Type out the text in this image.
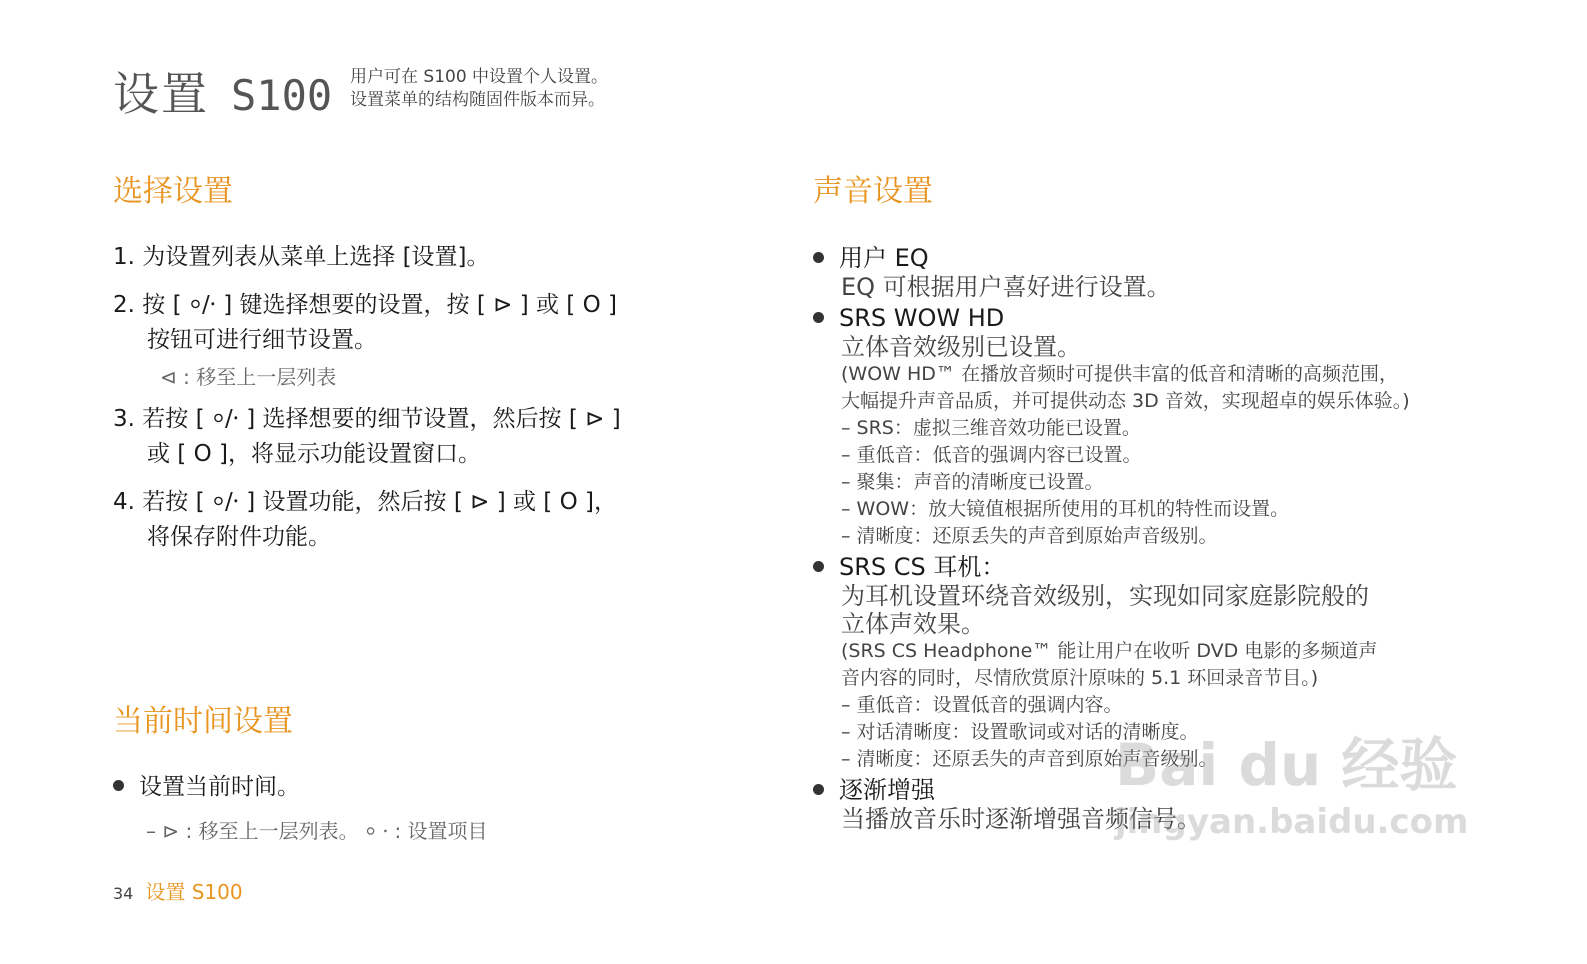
设置 S100 用户可在 S100 中设置个人设置。
设置菜单的结构随固件版本而异。
选择设置
1. 为设置列表从菜单上选择 [设置]。
2. 按 [ ⸰/⸱ ] 键选择想要的设置，按 [ ⊳ ] 或 [ O ]
按钮可进行细节设置。
⊲ : 移至上一层列表
3. 若按 [ ⸰/⸱ ] 选择想要的细节设置，然后按 [ ⊳ ]
或 [ O ]，将显示功能设置窗口。
4. 若按 [ ⸰/⸱ ] 设置功能，然后按 [ ⊳ ] 或 [ O ]，
将保存附件功能。
当前时间设置
设置当前时间。
– ⊳ : 移至上一层列表。 ⸰ ⸱ : 设置项目
声音设置
用户 EQ
EQ 可根据用户喜好进行设置。
SRS WOW HD
立体音效级别已设置。
(WOW HD™ 在播放音频时可提供丰富的低音和清晰的高频范围，
大幅提升声音品质，并可提供动态 3D 音效，实现超卓的娱乐体验。)
– SRS：虚拟三维音效功能已设置。
– 重低音：低音的强调内容已设置。
– 聚集：声音的清晰度已设置。
– WOW：放大镜值根据所使用的耳机的特性而设置。
– 清晰度：还原丢失的声音到原始声音级别。
SRS CS 耳机：
为耳机设置环绕音效级别，实现如同家庭影院般的
立体声效果。
(SRS CS Headphone™ 能让用户在收听 DVD 电影的多频道声
音内容的同时，尽情欣赏原汁原味的 5.1 环回录音节目。)
– 重低音：设置低音的强调内容。
– 对话清晰度：设置歌词或对话的清晰度。
– 清晰度：还原丢失的声音到原始声音级别。
逐渐增强
当播放音乐时逐渐增强音频信号。
34 设置 S100
Bai du 经验
jingyan.baidu.com
